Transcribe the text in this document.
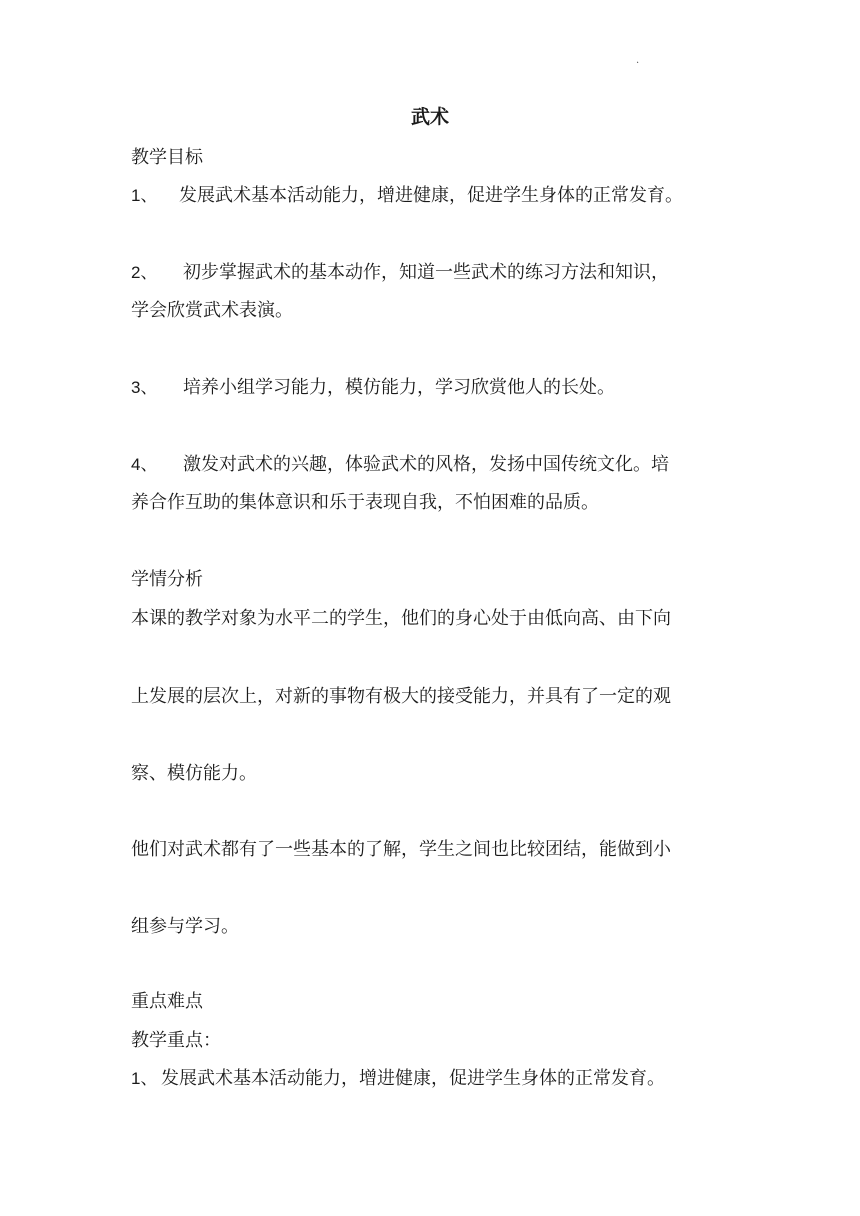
.
武术
教学目标
1、 发展武术基本活动能力，增进健康，促进学生身体的正常发育。
2、 初步掌握武术的基本动作，知道一些武术的练习方法和知识，
学会欣赏武术表演。
3、 培养小组学习能力，模仿能力，学习欣赏他人的长处。
4、 激发对武术的兴趣，体验武术的风格，发扬中国传统文化。培
养合作互助的集体意识和乐于表现自我，不怕困难的品质。
学情分析
本课的教学对象为水平二的学生，他们的身心处于由低向高、由下向
上发展的层次上，对新的事物有极大的接受能力，并具有了一定的观
察、模仿能力。
他们对武术都有了一些基本的了解，学生之间也比较团结，能做到小
组参与学习。
重点难点
教学重点：
1、 发展武术基本活动能力，增进健康，促进学生身体的正常发育。
